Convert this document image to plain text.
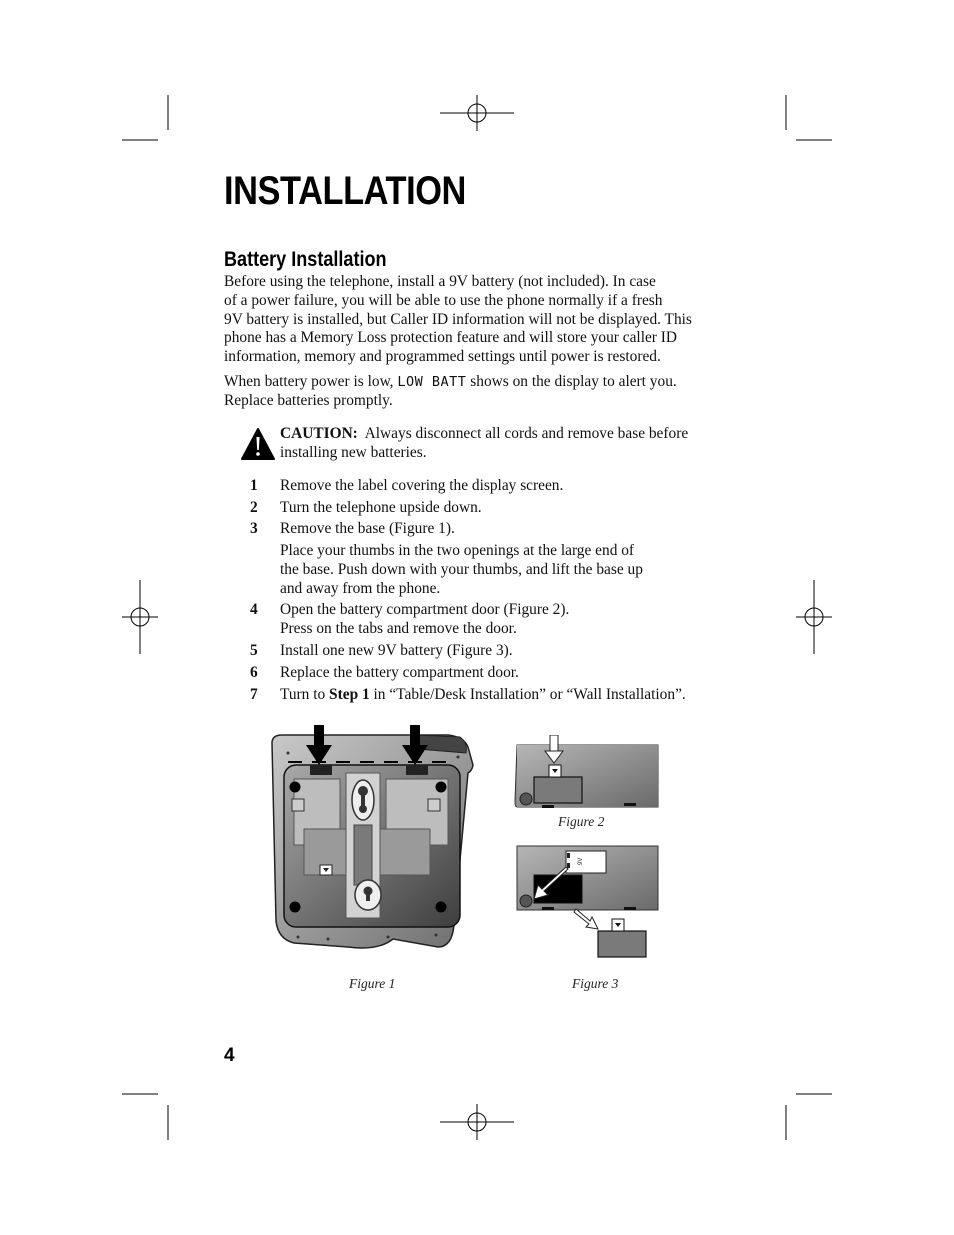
INSTALLATION
Battery Installation

Before using the telephone, install a 9V battery (not included). In case
of a power failure, you will be able to use the phone normally if a fresh
9V battery is installed, but Caller ID information will not be displayed. This
phone has a Memory Loss protection feature and will store your caller ID
information, memory and programmed settings until power is restored.

When battery power is low, LOW BATT shows on the display to alert you.
Replace batteries promptly.

CAUTION:  Always disconnect all cords and remove base before
installing new batteries.

1	Remove the label covering the display screen.
2	Turn the telephone upside down.
3	Remove the base (Figure 1).
Place your thumbs in the two openings at the large end of
the base. Push down with your thumbs, and lift the base up
and away from the phone.
4	Open the battery compartment door (Figure 2).
Press on the tabs and remove the door.
5	Install one new 9V battery (Figure 3).
6	Replace the battery compartment door.
7	Turn to Step 1 in “Table/Desk Installation” or “Wall Installation”.
Figure 1
Figure 2
9V
Figure 3
4
